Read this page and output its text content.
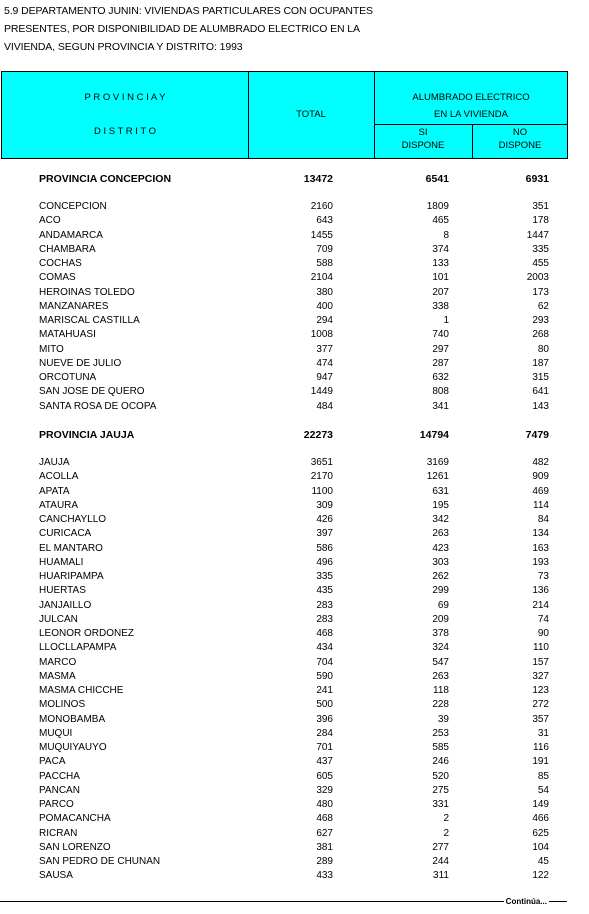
5.9 DEPARTAMENTO JUNIN: VIVIENDAS PARTICULARES CON OCUPANTES
PRESENTES, POR DISPONIBILIDAD DE ALUMBRADO ELECTRICO EN LA
VIVIENDA, SEGUN PROVINCIA Y DISTRITO: 1993
P R O V I N C I A Y
D I S T R I T O
TOTAL
ALUMBRADO ELECTRICO
EN LA VIVIENDA
SI
DISPONE
NO
DISPONE
PROVINCIA CONCEPCION	13472	6541	6931
CONCEPCION	2160	1809	351
ACO	643	465	178
ANDAMARCA	1455	8	1447
CHAMBARA	709	374	335
COCHAS	588	133	455
COMAS	2104	101	2003
HEROINAS TOLEDO	380	207	173
MANZANARES	400	338	62
MARISCAL CASTILLA	294	1	293
MATAHUASI	1008	740	268
MITO	377	297	80
NUEVE DE JULIO	474	287	187
ORCOTUNA	947	632	315
SAN JOSE DE QUERO	1449	808	641
SANTA ROSA DE OCOPA	484	341	143
PROVINCIA JAUJA	22273	14794	7479
JAUJA	3651	3169	482
ACOLLA	2170	1261	909
APATA	1100	631	469
ATAURA	309	195	114
CANCHAYLLO	426	342	84
CURICACA	397	263	134
EL MANTARO	586	423	163
HUAMALI	496	303	193
HUARIPAMPA	335	262	73
HUERTAS	435	299	136
JANJAILLO	283	69	214
JULCAN	283	209	74
LEONOR ORDONEZ	468	378	90
LLOCLLAPAMPA	434	324	110
MARCO	704	547	157
MASMA	590	263	327
MASMA CHICCHE	241	118	123
MOLINOS	500	228	272
MONOBAMBA	396	39	357
MUQUI	284	253	31
MUQUIYAUYO	701	585	116
PACA	437	246	191
PACCHA	605	520	85
PANCAN	329	275	54
PARCO	480	331	149
POMACANCHA	468	2	466
RICRAN	627	2	625
SAN LORENZO	381	277	104
SAN PEDRO DE CHUNAN	289	244	45
SAUSA	433	311	122
Continúa...
